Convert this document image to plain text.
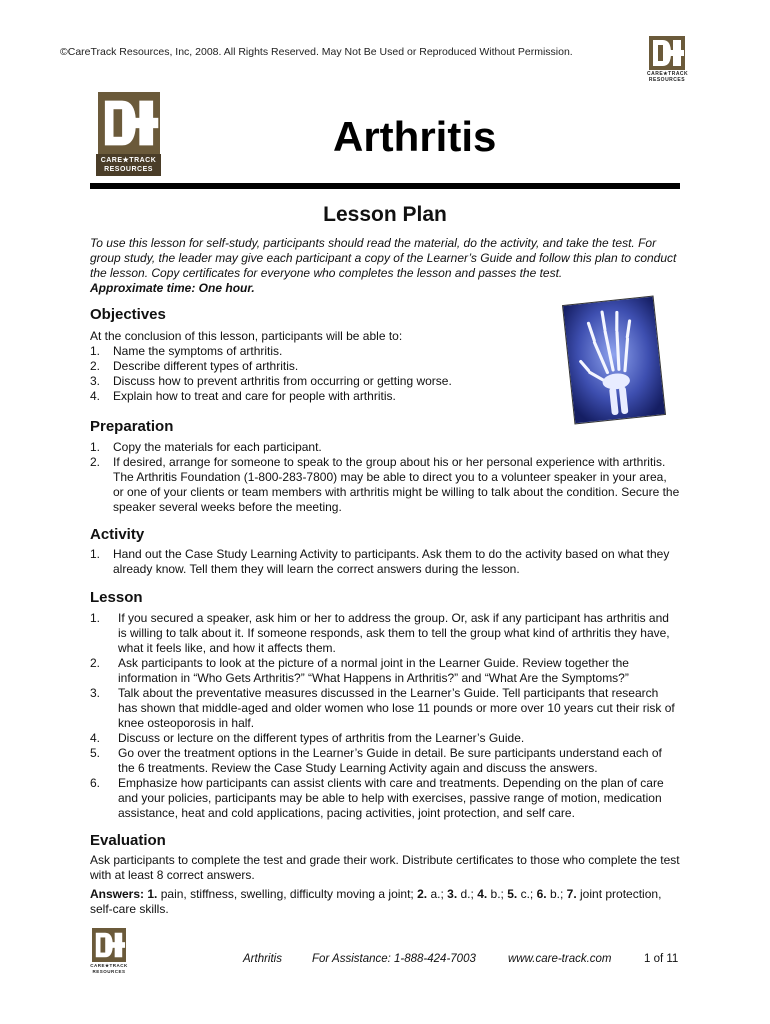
©CareTrack Resources, Inc, 2008. All Rights Reserved. May Not Be Used or Reproduced Without Permission.
CARE★TRACK
RESOURCES
CARE★TRACK
RESOURCES
Arthritis
Lesson Plan
To use this lesson for self-study, participants should read the material, do the activity, and take the test. For group study, the leader may give each participant a copy of the Learner’s Guide and follow this plan to conduct the lesson. Copy certificates for everyone who completes the lesson and passes the test.
Approximate time: One hour.
Objectives
At the conclusion of this lesson, participants will be able to:
1.	Name the symptoms of arthritis.
2.	Describe different types of arthritis.
3.	Discuss how to prevent arthritis from occurring or getting worse.
4.	Explain how to treat and care for people with arthritis.
Preparation
1.	Copy the materials for each participant.
2.	If desired, arrange for someone to speak to the group about his or her personal experience with arthritis. The Arthritis Foundation (1-800-283-7800) may be able to direct you to a volunteer speaker in your area, or one of your clients or team members with arthritis might be willing to talk about the condition. Secure the speaker several weeks before the meeting.
Activity
1.	Hand out the Case Study Learning Activity to participants. Ask them to do the activity based on what they already know. Tell them they will learn the correct answers during the lesson.
Lesson
1.	If you secured a speaker, ask him or her to address the group. Or, ask if any participant has arthritis and is willing to talk about it. If someone responds, ask them to tell the group what kind of arthritis they have, what it feels like, and how it affects them.
2.	Ask participants to look at the picture of a normal joint in the Learner Guide. Review together the information in “Who Gets Arthritis?” “What Happens in Arthritis?” and “What Are the Symptoms?”
3.	Talk about the preventative measures discussed in the Learner’s Guide. Tell participants that research has shown that middle-aged and older women who lose 11 pounds or more over 10 years cut their risk of knee osteoporosis in half.
4.	Discuss or lecture on the different types of arthritis from the Learner’s Guide.
5.	Go over the treatment options in the Learner’s Guide in detail. Be sure participants understand each of the 6 treatments. Review the Case Study Learning Activity again and discuss the answers.
6.	Emphasize how participants can assist clients with care and treatments. Depending on the plan of care and your policies, participants may be able to help with exercises, passive range of motion, medication assistance, heat and cold applications, pacing activities, joint protection, and self care.
Evaluation
Ask participants to complete the test and grade their work. Distribute certificates to those who complete the test with at least 8 correct answers.
Answers: 1. pain, stiffness, swelling, difficulty moving a joint; 2. a.; 3. d.; 4. b.; 5. c.; 6. b.; 7. joint protection, self-care skills.
CARE★TRACK
RESOURCES
Arthritis	For Assistance: 1-888-424-7003	www.care-track.com	1 of 11
